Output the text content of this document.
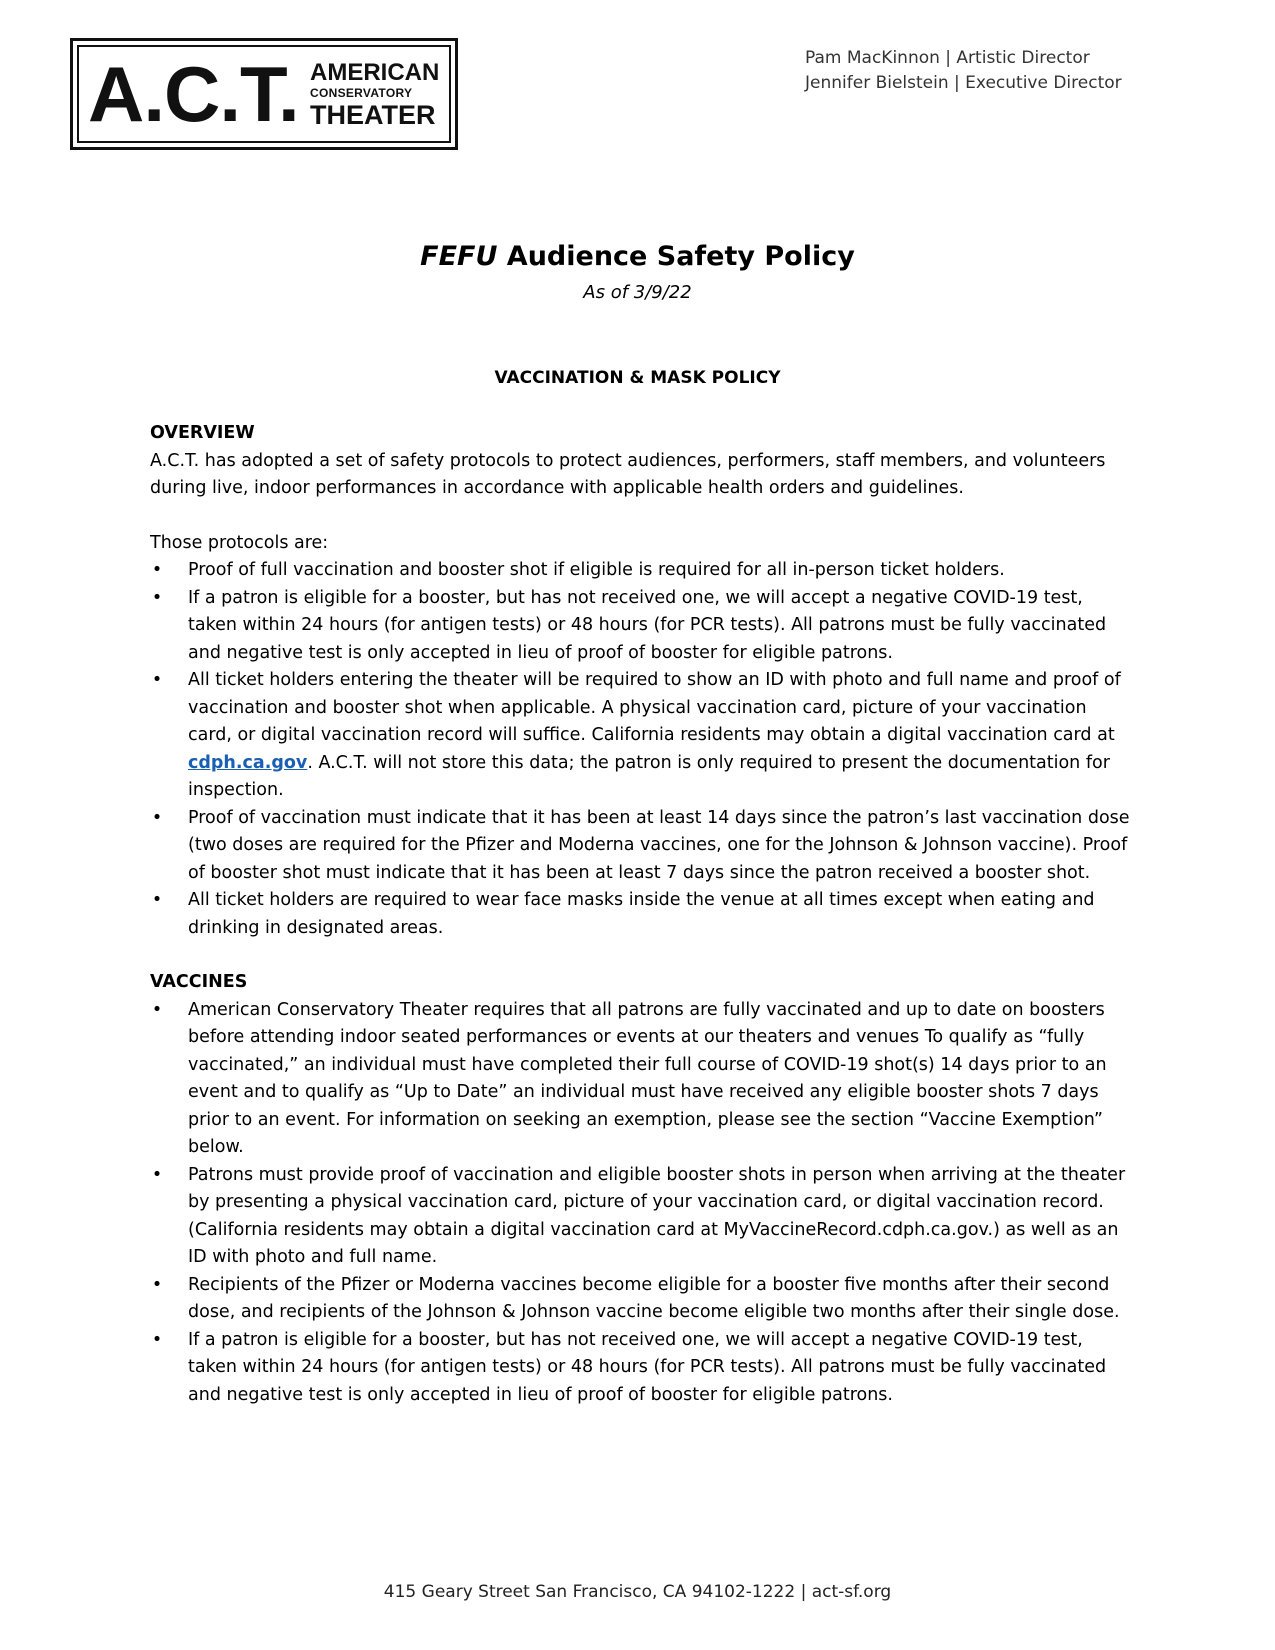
A.C.T. AMERICAN
CONSERVATORY
THEATER
Pam MacKinnon | Artistic Director
Jennifer Bielstein | Executive Director
FEFU Audience Safety Policy
As of 3/9/22
VACCINATION & MASK POLICY

OVERVIEW

A.C.T. has adopted a set of safety protocols to protect audiences, performers, staff members, and volunteers during live, indoor performances in accordance with applicable health orders and guidelines.

Those protocols are:

• Proof of full vaccination and booster shot if eligible is required for all in-person ticket holders.
• If a patron is eligible for a booster, but has not received one, we will accept a negative COVID-19 test, taken within 24 hours (for antigen tests) or 48 hours (for PCR tests). All patrons must be fully vaccinated and negative test is only accepted in lieu of proof of booster for eligible patrons.
• All ticket holders entering the theater will be required to show an ID with photo and full name and proof of vaccination and booster shot when applicable. A physical vaccination card, picture of your vaccination card, or digital vaccination record will suffice. California residents may obtain a digital vaccination card at cdph.ca.gov. A.C.T. will not store this data; the patron is only required to present the documentation for inspection.
• Proof of vaccination must indicate that it has been at least 14 days since the patron’s last vaccination dose (two doses are required for the Pfizer and Moderna vaccines, one for the Johnson & Johnson vaccine). Proof of booster shot must indicate that it has been at least 7 days since the patron received a booster shot.
• All ticket holders are required to wear face masks inside the venue at all times except when eating and drinking in designated areas.

VACCINES

• American Conservatory Theater requires that all patrons are fully vaccinated and up to date on boosters before attending indoor seated performances or events at our theaters and venues To qualify as “fully vaccinated,” an individual must have completed their full course of COVID-19 shot(s) 14 days prior to an event and to qualify as “Up to Date” an individual must have received any eligible booster shots 7 days prior to an event. For information on seeking an exemption, please see the section “Vaccine Exemption” below.
• Patrons must provide proof of vaccination and eligible booster shots in person when arriving at the theater by presenting a physical vaccination card, picture of your vaccination card, or digital vaccination record. (California residents may obtain a digital vaccination card at MyVaccineRecord.cdph.ca.gov.) as well as an ID with photo and full name.
• Recipients of the Pfizer or Moderna vaccines become eligible for a booster five months after their second dose, and recipients of the Johnson & Johnson vaccine become eligible two months after their single dose.
• If a patron is eligible for a booster, but has not received one, we will accept a negative COVID-19 test, taken within 24 hours (for antigen tests) or 48 hours (for PCR tests). All patrons must be fully vaccinated and negative test is only accepted in lieu of proof of booster for eligible patrons.
415 Geary Street San Francisco, CA 94102-1222 | act-sf.org
